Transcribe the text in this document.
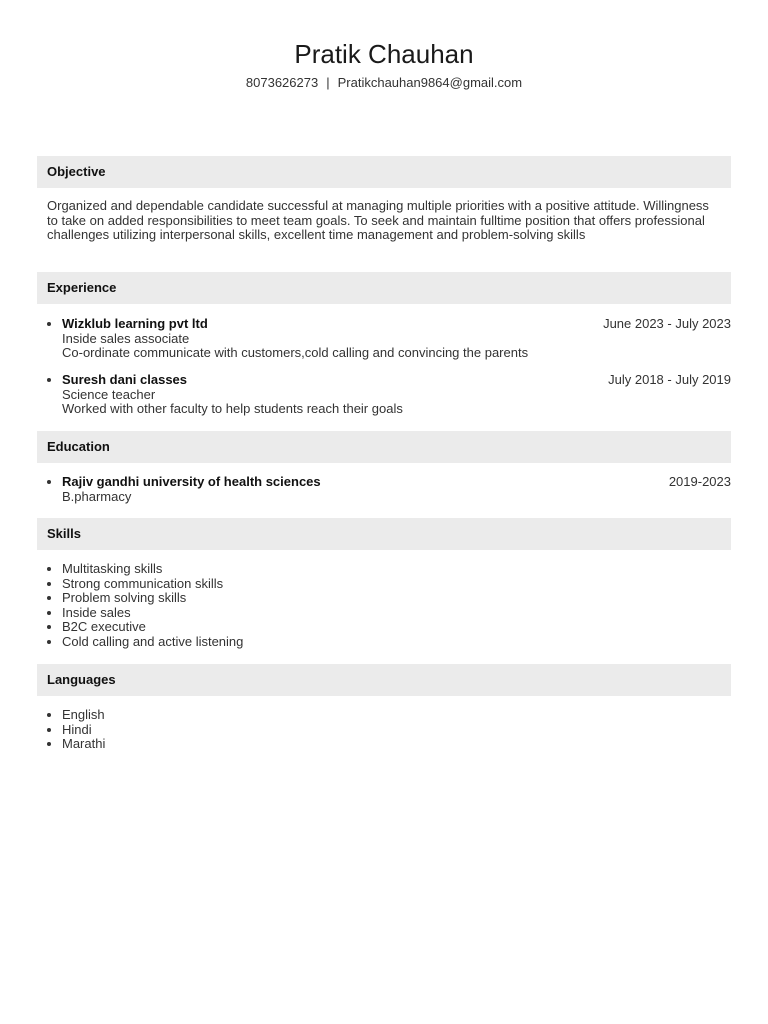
Pratik Chauhan
8073626273 | Pratikchauhan9864@gmail.com
Objective
Organized and dependable candidate successful at managing multiple priorities with a positive attitude. Willingness to take on added responsibilities to meet team goals. To seek and maintain fulltime position that offers professional challenges utilizing interpersonal skills, excellent time management and problem-solving skills
Experience
• Wizklub learning pvt ltd	June 2023 - July 2023
Inside sales associate
Co-ordinate communicate with customers,cold calling and convincing the parents
• Suresh dani classes	July 2018 - July 2019
Science teacher
Worked with other faculty to help students reach their goals
Education
• Rajiv gandhi university of health sciences	2019-2023
B.pharmacy
Skills
• Multitasking skills
• Strong communication skills
• Problem solving skills
• Inside sales
• B2C executive
• Cold calling and active listening
Languages
• English
• Hindi
• Marathi
